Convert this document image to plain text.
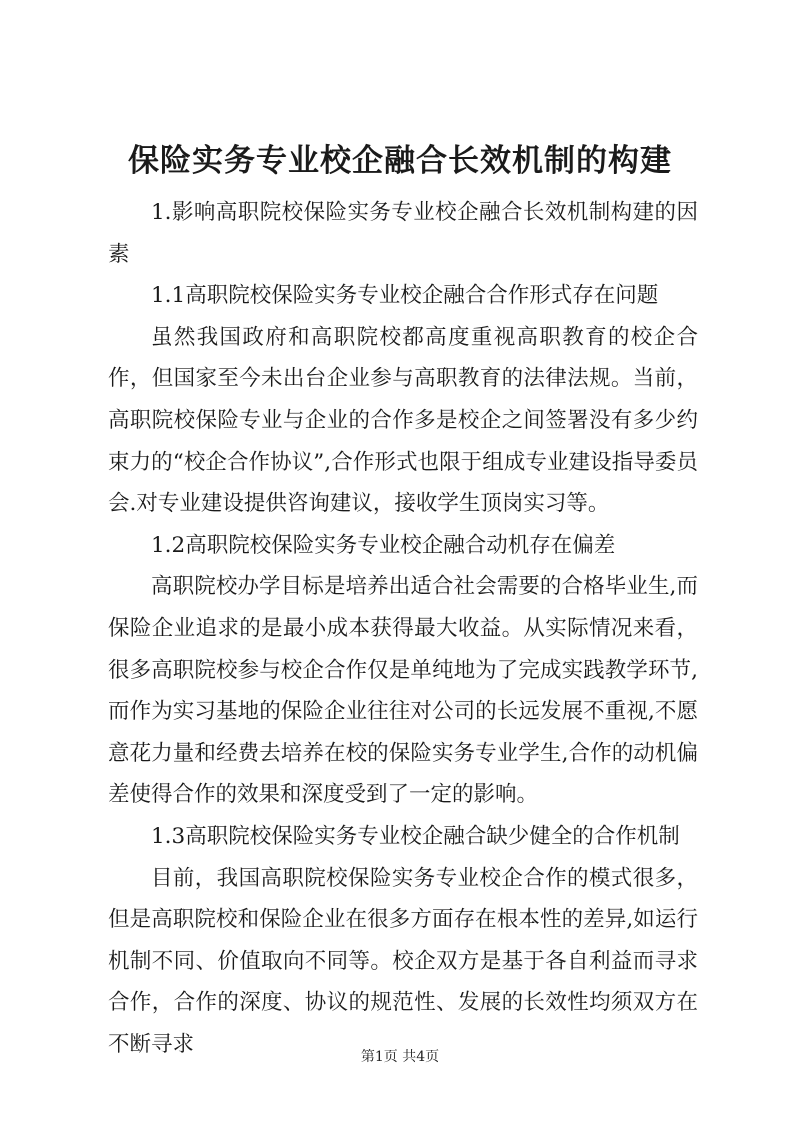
保险实务专业校企融合长效机制的构建

1.影响高职院校保险实务专业校企融合长效机制构建的因素

1.1高职院校保险实务专业校企融合合作形式存在问题

虽然我国政府和高职院校都高度重视高职教育的校企合作，但国家至今未出台企业参与高职教育的法律法规。当前，高职院校保险专业与企业的合作多是校企之间签署没有多少约束力的“校企合作协议”,合作形式也限于组成专业建设指导委员会.对专业建设提供咨询建议，接收学生顶岗实习等。

1.2高职院校保险实务专业校企融合动机存在偏差

高职院校办学目标是培养出适合社会需要的合格毕业生,而保险企业追求的是最小成本获得最大收益。从实际情况来看，很多高职院校参与校企合作仅是单纯地为了完成实践教学环节,而作为实习基地的保险企业往往对公司的长远发展不重视,不愿意花力量和经费去培养在校的保险实务专业学生,合作的动机偏差使得合作的效果和深度受到了一定的影响。

1.3高职院校保险实务专业校企融合缺少健全的合作机制

目前，我国高职院校保险实务专业校企合作的模式很多，但是高职院校和保险企业在很多方面存在根本性的差异,如运行机制不同、价值取向不同等。校企双方是基于各自利益而寻求合作，合作的深度、协议的规范性、发展的长效性均须双方在不断寻求

第1页 共4页
